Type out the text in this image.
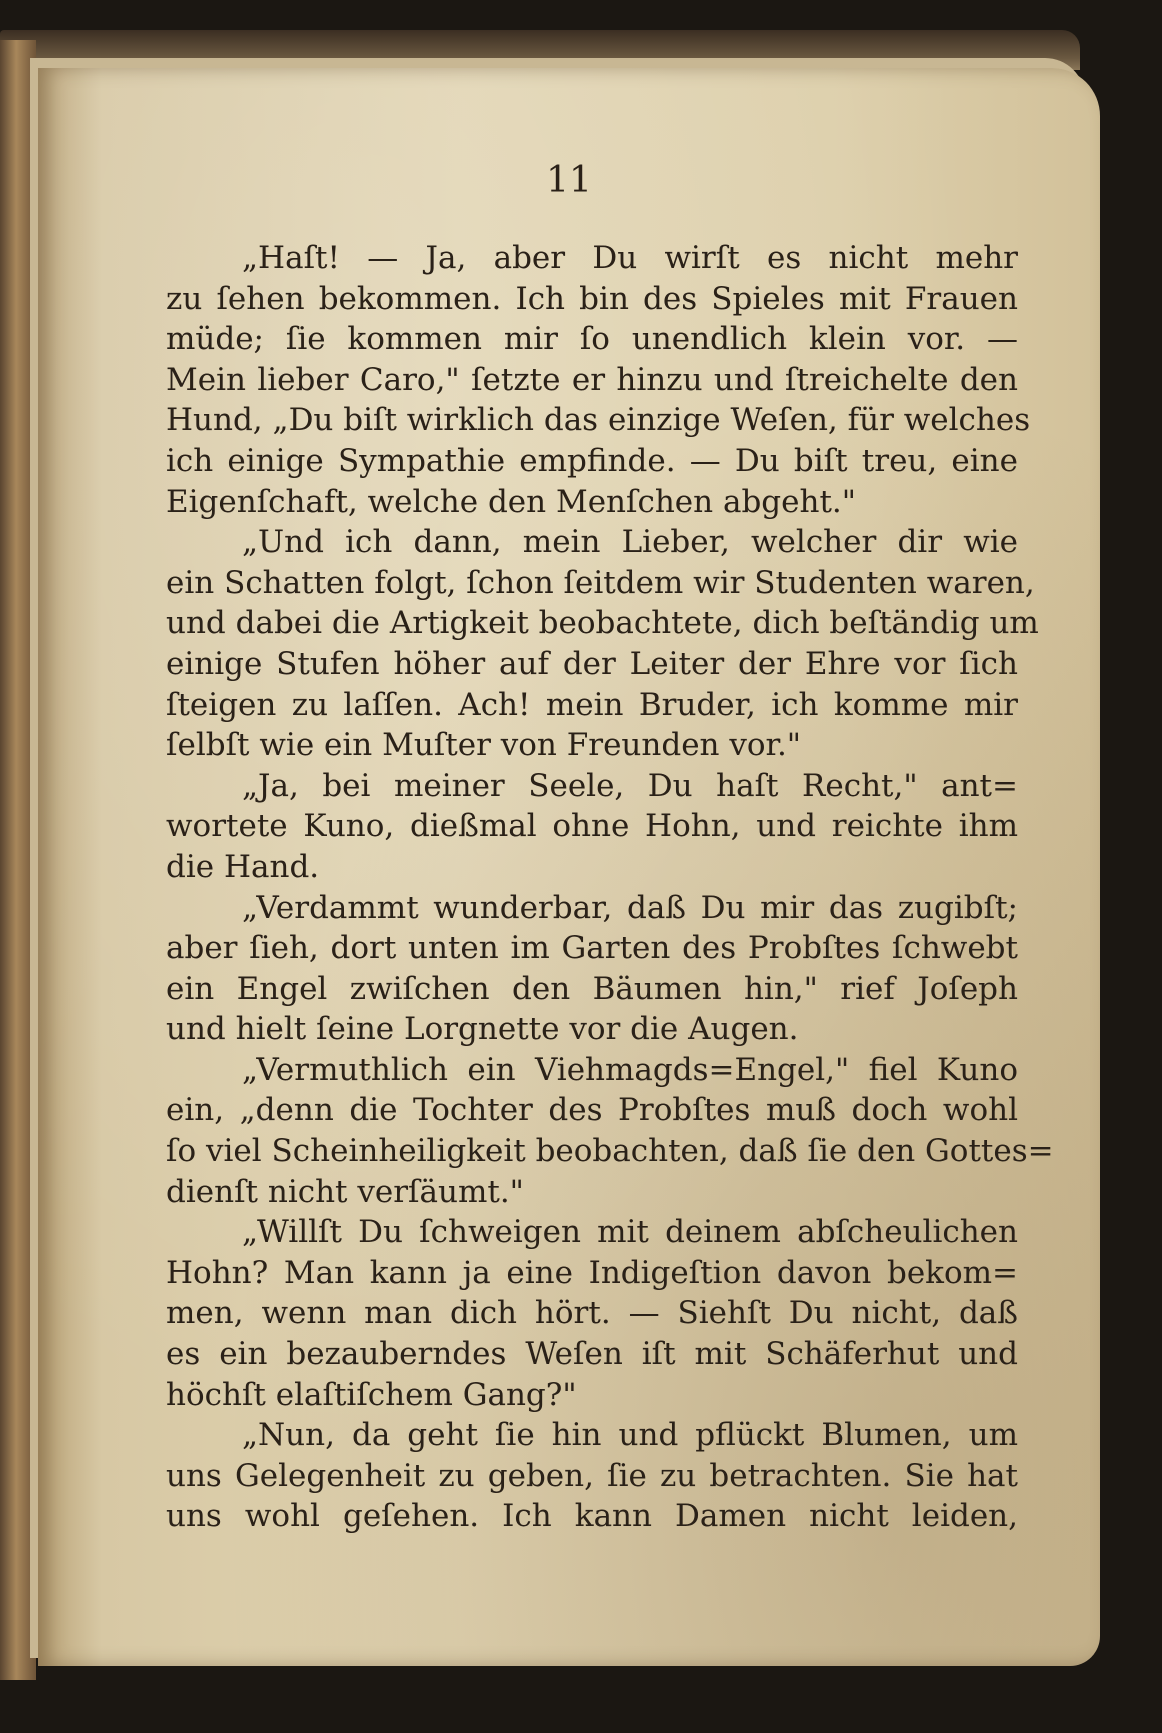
11
„Haſt! — Ja, aber Du wirſt es nicht mehr
zu ſehen bekommen. Ich bin des Spieles mit Frauen
müde; ſie kommen mir ſo unendlich klein vor. —
Mein lieber Caro," ſetzte er hinzu und ſtreichelte den
Hund, „Du biſt wirklich das einzige Weſen, für welches
ich einige Sympathie empfinde. — Du biſt treu, eine
Eigenſchaft, welche den Menſchen abgeht."
„Und ich dann, mein Lieber, welcher dir wie
ein Schatten folgt, ſchon ſeitdem wir Studenten waren,
und dabei die Artigkeit beobachtete, dich beſtändig um
einige Stufen höher auf der Leiter der Ehre vor ſich
ſteigen zu laſſen. Ach! mein Bruder, ich komme mir
ſelbſt wie ein Muſter von Freunden vor."
„Ja, bei meiner Seele, Du haſt Recht," ant=
wortete Kuno, dießmal ohne Hohn, und reichte ihm
die Hand.
„Verdammt wunderbar, daß Du mir das zugibſt;
aber ſieh, dort unten im Garten des Probſtes ſchwebt
ein Engel zwiſchen den Bäumen hin," rief Joſeph
und hielt ſeine Lorgnette vor die Augen.
„Vermuthlich ein Viehmagds=Engel," fiel Kuno
ein, „denn die Tochter des Probſtes muß doch wohl
ſo viel Scheinheiligkeit beobachten, daß ſie den Gottes=
dienſt nicht verſäumt."
„Willſt Du ſchweigen mit deinem abſcheulichen
Hohn? Man kann ja eine Indigeſtion davon bekom=
men, wenn man dich hört. — Siehſt Du nicht, daß
es ein bezauberndes Weſen iſt mit Schäferhut und
höchſt elaſtiſchem Gang?"
„Nun, da geht ſie hin und pflückt Blumen, um
uns Gelegenheit zu geben, ſie zu betrachten. Sie hat
uns wohl geſehen. Ich kann Damen nicht leiden,
